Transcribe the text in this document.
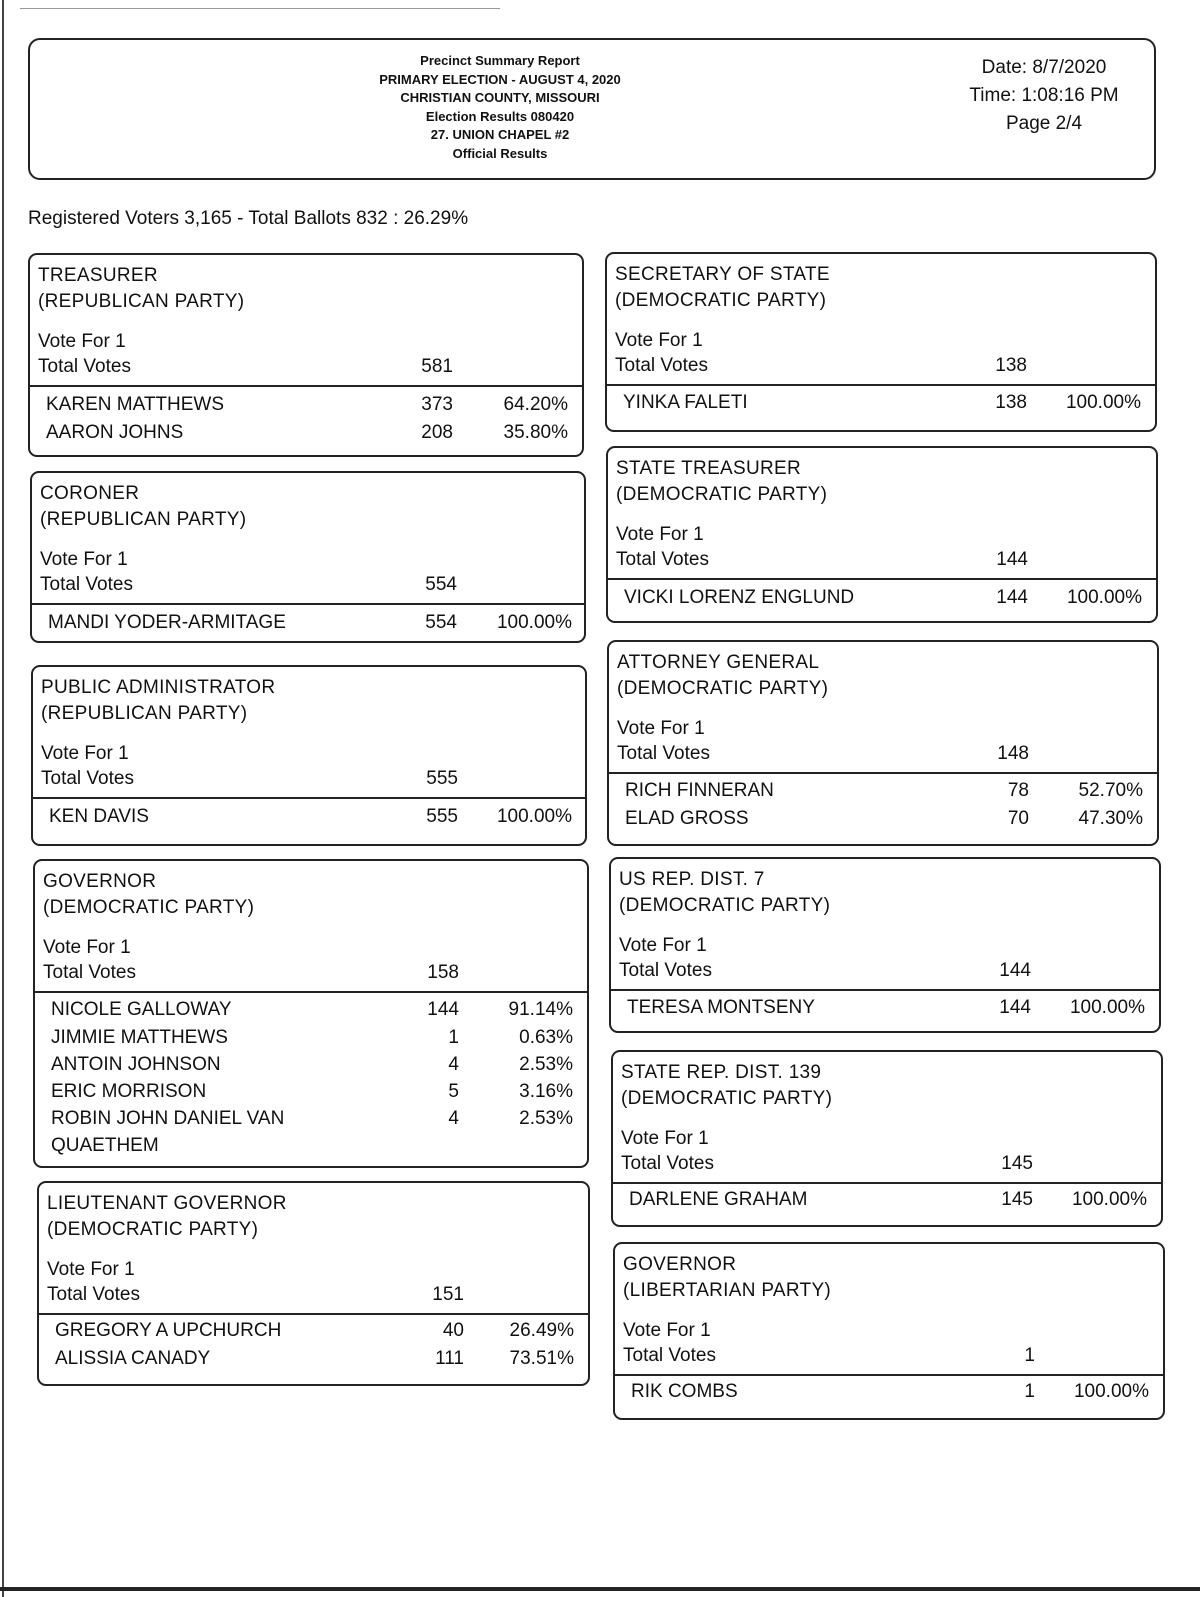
Precinct Summary Report
PRIMARY ELECTION - AUGUST 4, 2020
CHRISTIAN COUNTY, MISSOURI
Election Results 080420
27. UNION CHAPEL #2
Official Results
Date: 8/7/2020
Time: 1:08:16 PM
Page 2/4
Registered Voters 3,165 - Total Ballots 832 : 26.29%
TREASURER
(REPUBLICAN PARTY)
Vote For 1
Total Votes	581
KAREN MATTHEWS	373	64.20%
AARON JOHNS	208	35.80%
CORONER
(REPUBLICAN PARTY)
Vote For 1
Total Votes	554
MANDI YODER-ARMITAGE	554	100.00%
PUBLIC ADMINISTRATOR
(REPUBLICAN PARTY)
Vote For 1
Total Votes	555
KEN DAVIS	555	100.00%
GOVERNOR
(DEMOCRATIC PARTY)
Vote For 1
Total Votes	158
NICOLE GALLOWAY	144	91.14%
JIMMIE MATTHEWS	1	0.63%
ANTOIN JOHNSON	4	2.53%
ERIC MORRISON	5	3.16%
ROBIN JOHN DANIEL VAN
QUAETHEM
4	2.53%
LIEUTENANT GOVERNOR
(DEMOCRATIC PARTY)
Vote For 1
Total Votes	151
GREGORY A UPCHURCH	40	26.49%
ALISSIA CANADY	111	73.51%
SECRETARY OF STATE
(DEMOCRATIC PARTY)
Vote For 1
Total Votes	138
YINKA FALETI	138	100.00%
STATE TREASURER
(DEMOCRATIC PARTY)
Vote For 1
Total Votes	144
VICKI LORENZ ENGLUND	144	100.00%
ATTORNEY GENERAL
(DEMOCRATIC PARTY)
Vote For 1
Total Votes	148
RICH FINNERAN	78	52.70%
ELAD GROSS	70	47.30%
US REP. DIST. 7
(DEMOCRATIC PARTY)
Vote For 1
Total Votes	144
TERESA MONTSENY	144	100.00%
STATE REP. DIST. 139
(DEMOCRATIC PARTY)
Vote For 1
Total Votes	145
DARLENE GRAHAM	145	100.00%
GOVERNOR
(LIBERTARIAN PARTY)
Vote For 1
Total Votes	1
RIK COMBS	1	100.00%
